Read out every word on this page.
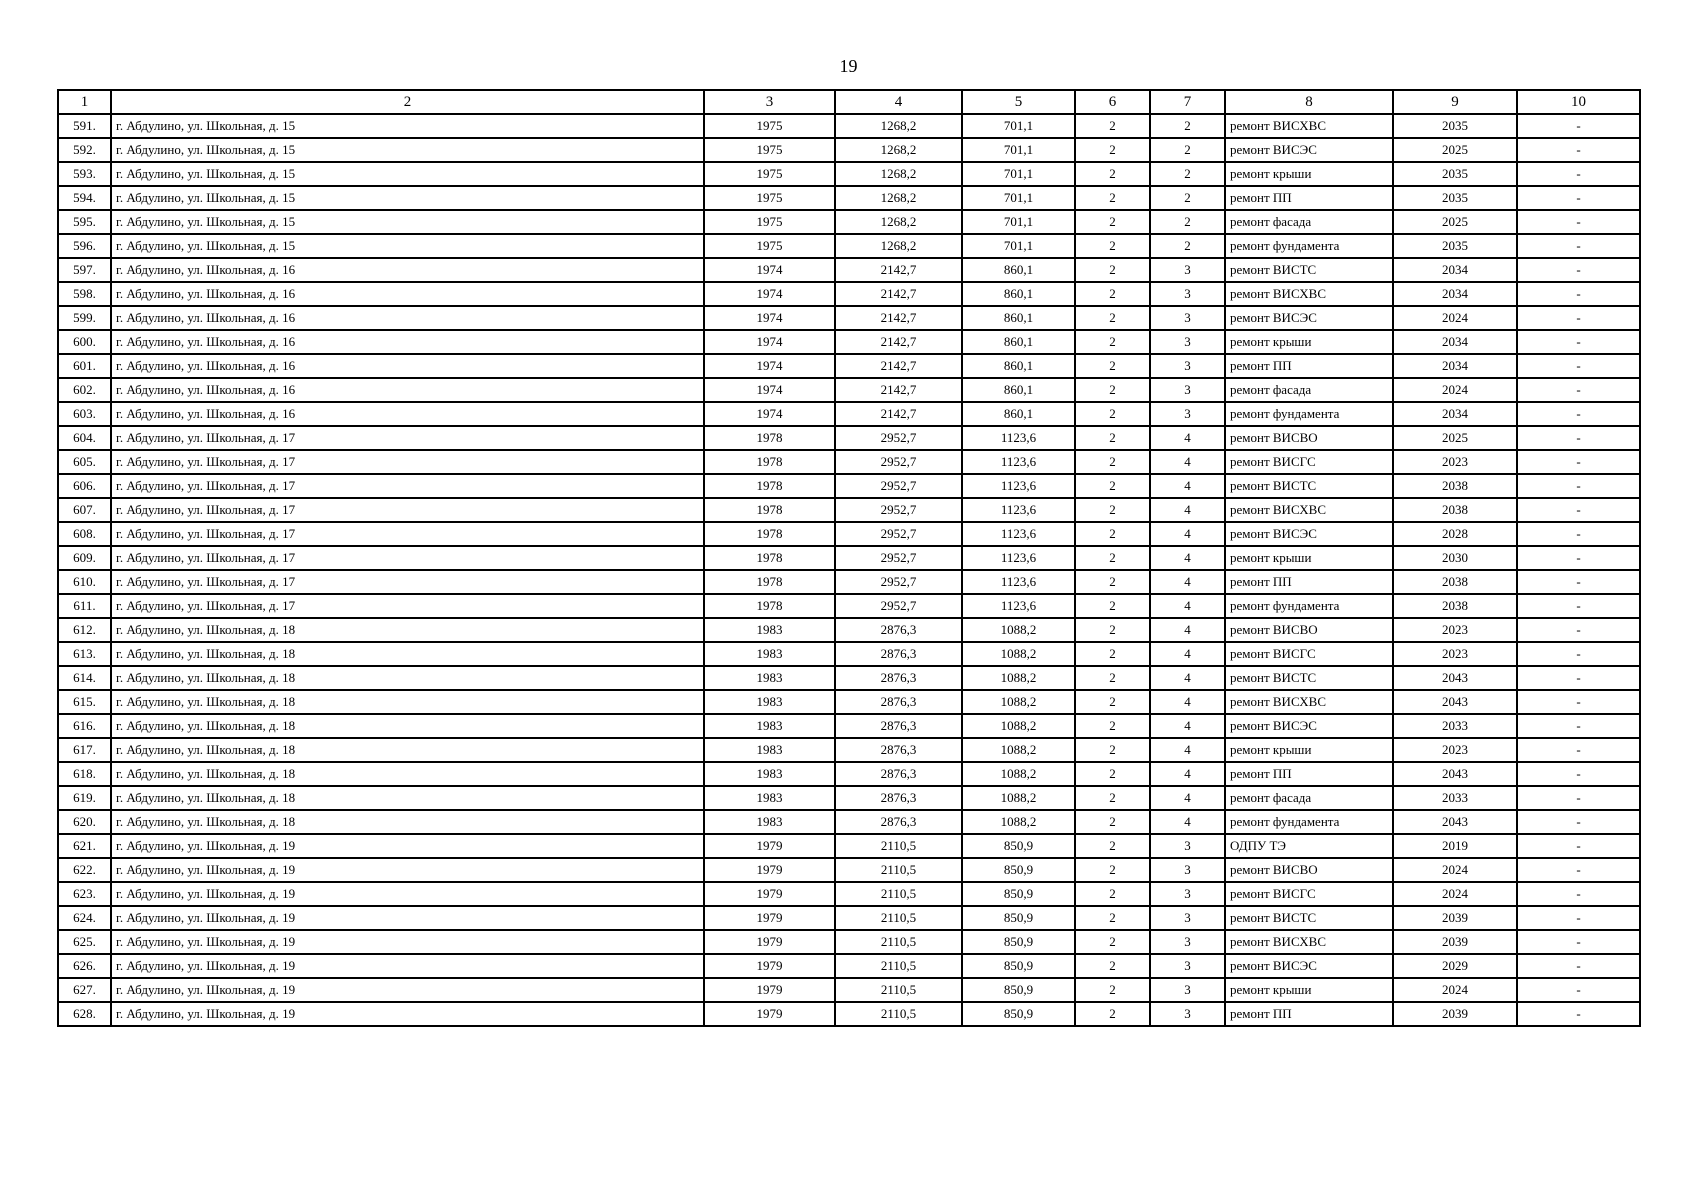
19
1	2	3	4	5	6	7	8	9	10
591.	г. Абдулино, ул. Школьная, д. 15	1975	1268,2	701,1	2	2	ремонт ВИСХВС	2035	-
592.	г. Абдулино, ул. Школьная, д. 15	1975	1268,2	701,1	2	2	ремонт ВИСЭС	2025	-
593.	г. Абдулино, ул. Школьная, д. 15	1975	1268,2	701,1	2	2	ремонт крыши	2035	-
594.	г. Абдулино, ул. Школьная, д. 15	1975	1268,2	701,1	2	2	ремонт ПП	2035	-
595.	г. Абдулино, ул. Школьная, д. 15	1975	1268,2	701,1	2	2	ремонт фасада	2025	-
596.	г. Абдулино, ул. Школьная, д. 15	1975	1268,2	701,1	2	2	ремонт фундамента	2035	-
597.	г. Абдулино, ул. Школьная, д. 16	1974	2142,7	860,1	2	3	ремонт ВИСТС	2034	-
598.	г. Абдулино, ул. Школьная, д. 16	1974	2142,7	860,1	2	3	ремонт ВИСХВС	2034	-
599.	г. Абдулино, ул. Школьная, д. 16	1974	2142,7	860,1	2	3	ремонт ВИСЭС	2024	-
600.	г. Абдулино, ул. Школьная, д. 16	1974	2142,7	860,1	2	3	ремонт крыши	2034	-
601.	г. Абдулино, ул. Школьная, д. 16	1974	2142,7	860,1	2	3	ремонт ПП	2034	-
602.	г. Абдулино, ул. Школьная, д. 16	1974	2142,7	860,1	2	3	ремонт фасада	2024	-
603.	г. Абдулино, ул. Школьная, д. 16	1974	2142,7	860,1	2	3	ремонт фундамента	2034	-
604.	г. Абдулино, ул. Школьная, д. 17	1978	2952,7	1123,6	2	4	ремонт ВИСВО	2025	-
605.	г. Абдулино, ул. Школьная, д. 17	1978	2952,7	1123,6	2	4	ремонт ВИСГС	2023	-
606.	г. Абдулино, ул. Школьная, д. 17	1978	2952,7	1123,6	2	4	ремонт ВИСТС	2038	-
607.	г. Абдулино, ул. Школьная, д. 17	1978	2952,7	1123,6	2	4	ремонт ВИСХВС	2038	-
608.	г. Абдулино, ул. Школьная, д. 17	1978	2952,7	1123,6	2	4	ремонт ВИСЭС	2028	-
609.	г. Абдулино, ул. Школьная, д. 17	1978	2952,7	1123,6	2	4	ремонт крыши	2030	-
610.	г. Абдулино, ул. Школьная, д. 17	1978	2952,7	1123,6	2	4	ремонт ПП	2038	-
611.	г. Абдулино, ул. Школьная, д. 17	1978	2952,7	1123,6	2	4	ремонт фундамента	2038	-
612.	г. Абдулино, ул. Школьная, д. 18	1983	2876,3	1088,2	2	4	ремонт ВИСВО	2023	-
613.	г. Абдулино, ул. Школьная, д. 18	1983	2876,3	1088,2	2	4	ремонт ВИСГС	2023	-
614.	г. Абдулино, ул. Школьная, д. 18	1983	2876,3	1088,2	2	4	ремонт ВИСТС	2043	-
615.	г. Абдулино, ул. Школьная, д. 18	1983	2876,3	1088,2	2	4	ремонт ВИСХВС	2043	-
616.	г. Абдулино, ул. Школьная, д. 18	1983	2876,3	1088,2	2	4	ремонт ВИСЭС	2033	-
617.	г. Абдулино, ул. Школьная, д. 18	1983	2876,3	1088,2	2	4	ремонт крыши	2023	-
618.	г. Абдулино, ул. Школьная, д. 18	1983	2876,3	1088,2	2	4	ремонт ПП	2043	-
619.	г. Абдулино, ул. Школьная, д. 18	1983	2876,3	1088,2	2	4	ремонт фасада	2033	-
620.	г. Абдулино, ул. Школьная, д. 18	1983	2876,3	1088,2	2	4	ремонт фундамента	2043	-
621.	г. Абдулино, ул. Школьная, д. 19	1979	2110,5	850,9	2	3	ОДПУ ТЭ	2019	-
622.	г. Абдулино, ул. Школьная, д. 19	1979	2110,5	850,9	2	3	ремонт ВИСВО	2024	-
623.	г. Абдулино, ул. Школьная, д. 19	1979	2110,5	850,9	2	3	ремонт ВИСГС	2024	-
624.	г. Абдулино, ул. Школьная, д. 19	1979	2110,5	850,9	2	3	ремонт ВИСТС	2039	-
625.	г. Абдулино, ул. Школьная, д. 19	1979	2110,5	850,9	2	3	ремонт ВИСХВС	2039	-
626.	г. Абдулино, ул. Школьная, д. 19	1979	2110,5	850,9	2	3	ремонт ВИСЭС	2029	-
627.	г. Абдулино, ул. Школьная, д. 19	1979	2110,5	850,9	2	3	ремонт крыши	2024	-
628.	г. Абдулино, ул. Школьная, д. 19	1979	2110,5	850,9	2	3	ремонт ПП	2039	-
